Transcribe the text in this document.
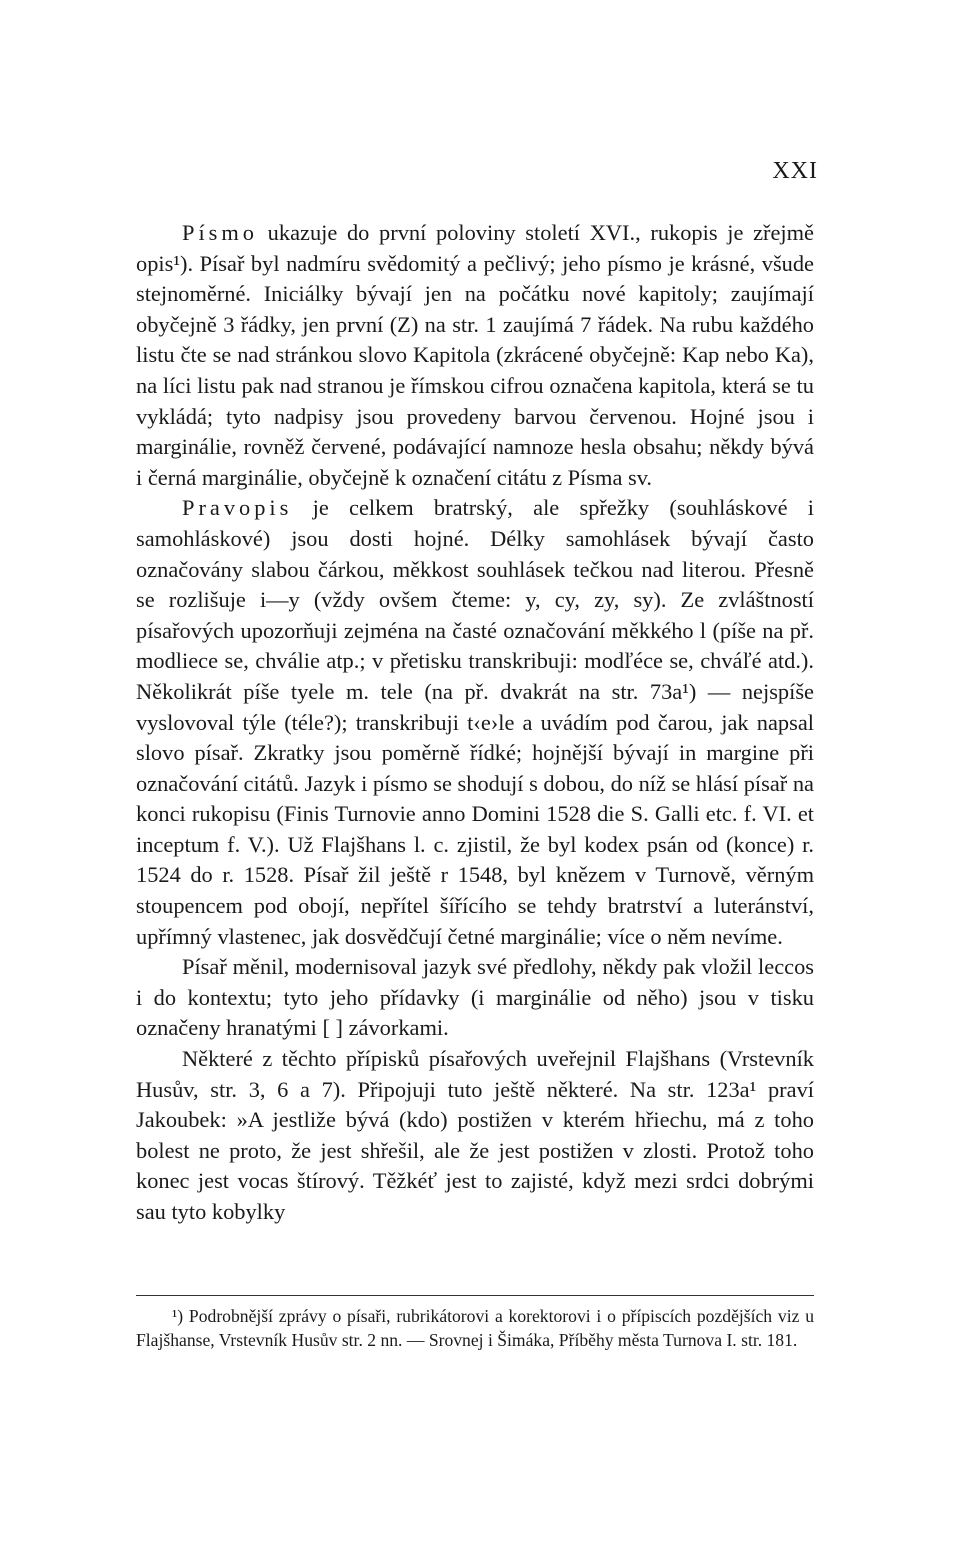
XXI

Písmo ukazuje do první poloviny století XVI., rukopis je zřejmě opis¹). Písař byl nadmíru svědomitý a pečlivý; jeho písmo je krásné, všude stejnoměrné. Iniciálky bývají jen na počátku nové kapitoly; zaujímají obyčejně 3 řádky, jen první (Z) na str. 1 zaujímá 7 řádek. Na rubu každého listu čte se nad stránkou slovo Kapitola (zkrácené obyčejně: Kap nebo Ka), na líci listu pak nad stranou je římskou cifrou označena kapitola, která se tu vykládá; tyto nadpisy jsou provedeny barvou červenou. Hojné jsou i marginálie, rovněž červené, podávající namnoze hesla obsahu; někdy bývá i černá marginálie, obyčejně k označení citátu z Písma sv.

Pravopis je celkem bratrský, ale spřežky (souhláskové i samohláskové) jsou dosti hojné. Délky samohlásek bývají často označovány slabou čárkou, měkkost souhlásek tečkou nad literou. Přesně se rozlišuje i—y (vždy ovšem čteme: y, cy, zy, sy). Ze zvláštností písařových upozorňuji zejména na časté označování měkkého l (píše na př. modliece se, chválie atp.; v přetisku transkribuji: modľéce se, chváľé atd.). Několikrát píše tyele m. tele (na př. dvakrát na str. 73a¹) — nejspíše vyslovoval týle (téle?); transkribuji t‹e›le a uvádím pod čarou, jak napsal slovo písař. Zkratky jsou poměrně řídké; hojnější bývají in margine při označování citátů. Jazyk i písmo se shodují s dobou, do níž se hlásí písař na konci rukopisu (Finis Turnovie anno Domini 1528 die S. Galli etc. f. VI. et inceptum f. V.). Už Flajšhans l. c. zjistil, že byl kodex psán od (konce) r. 1524 do r. 1528. Písař žil ještě r 1548, byl knězem v Turnově, věrným stoupencem pod obojí, nepřítel šířícího se tehdy bratrství a luteránství, upřímný vlastenec, jak dosvědčují četné marginálie; více o něm nevíme.

Písař měnil, modernisoval jazyk své předlohy, někdy pak vložil leccos i do kontextu; tyto jeho přídavky (i marginálie od něho) jsou v tisku označeny hranatými [ ] závorkami.

Některé z těchto přípisků písařových uveřejnil Flajšhans (Vrstevník Husův, str. 3, 6 a 7). Připojuji tuto ještě některé. Na str. 123a¹ praví Jakoubek: »A jestliže bývá (kdo) postižen v kterém hřiechu, má z toho bolest ne proto, že jest shřešil, ale že jest postižen v zlosti. Protož toho konec jest vocas štírový. Těžkéť jest to zajisté, když mezi srdci dobrými sau tyto kobylky

¹) Podrobnější zprávy o písaři, rubrikátorovi a korektorovi i o přípiscích pozdějších viz u Flajšhanse, Vrstevník Husův str. 2 nn. — Srovnej i Šimáka, Příběhy města Turnova I. str. 181.
